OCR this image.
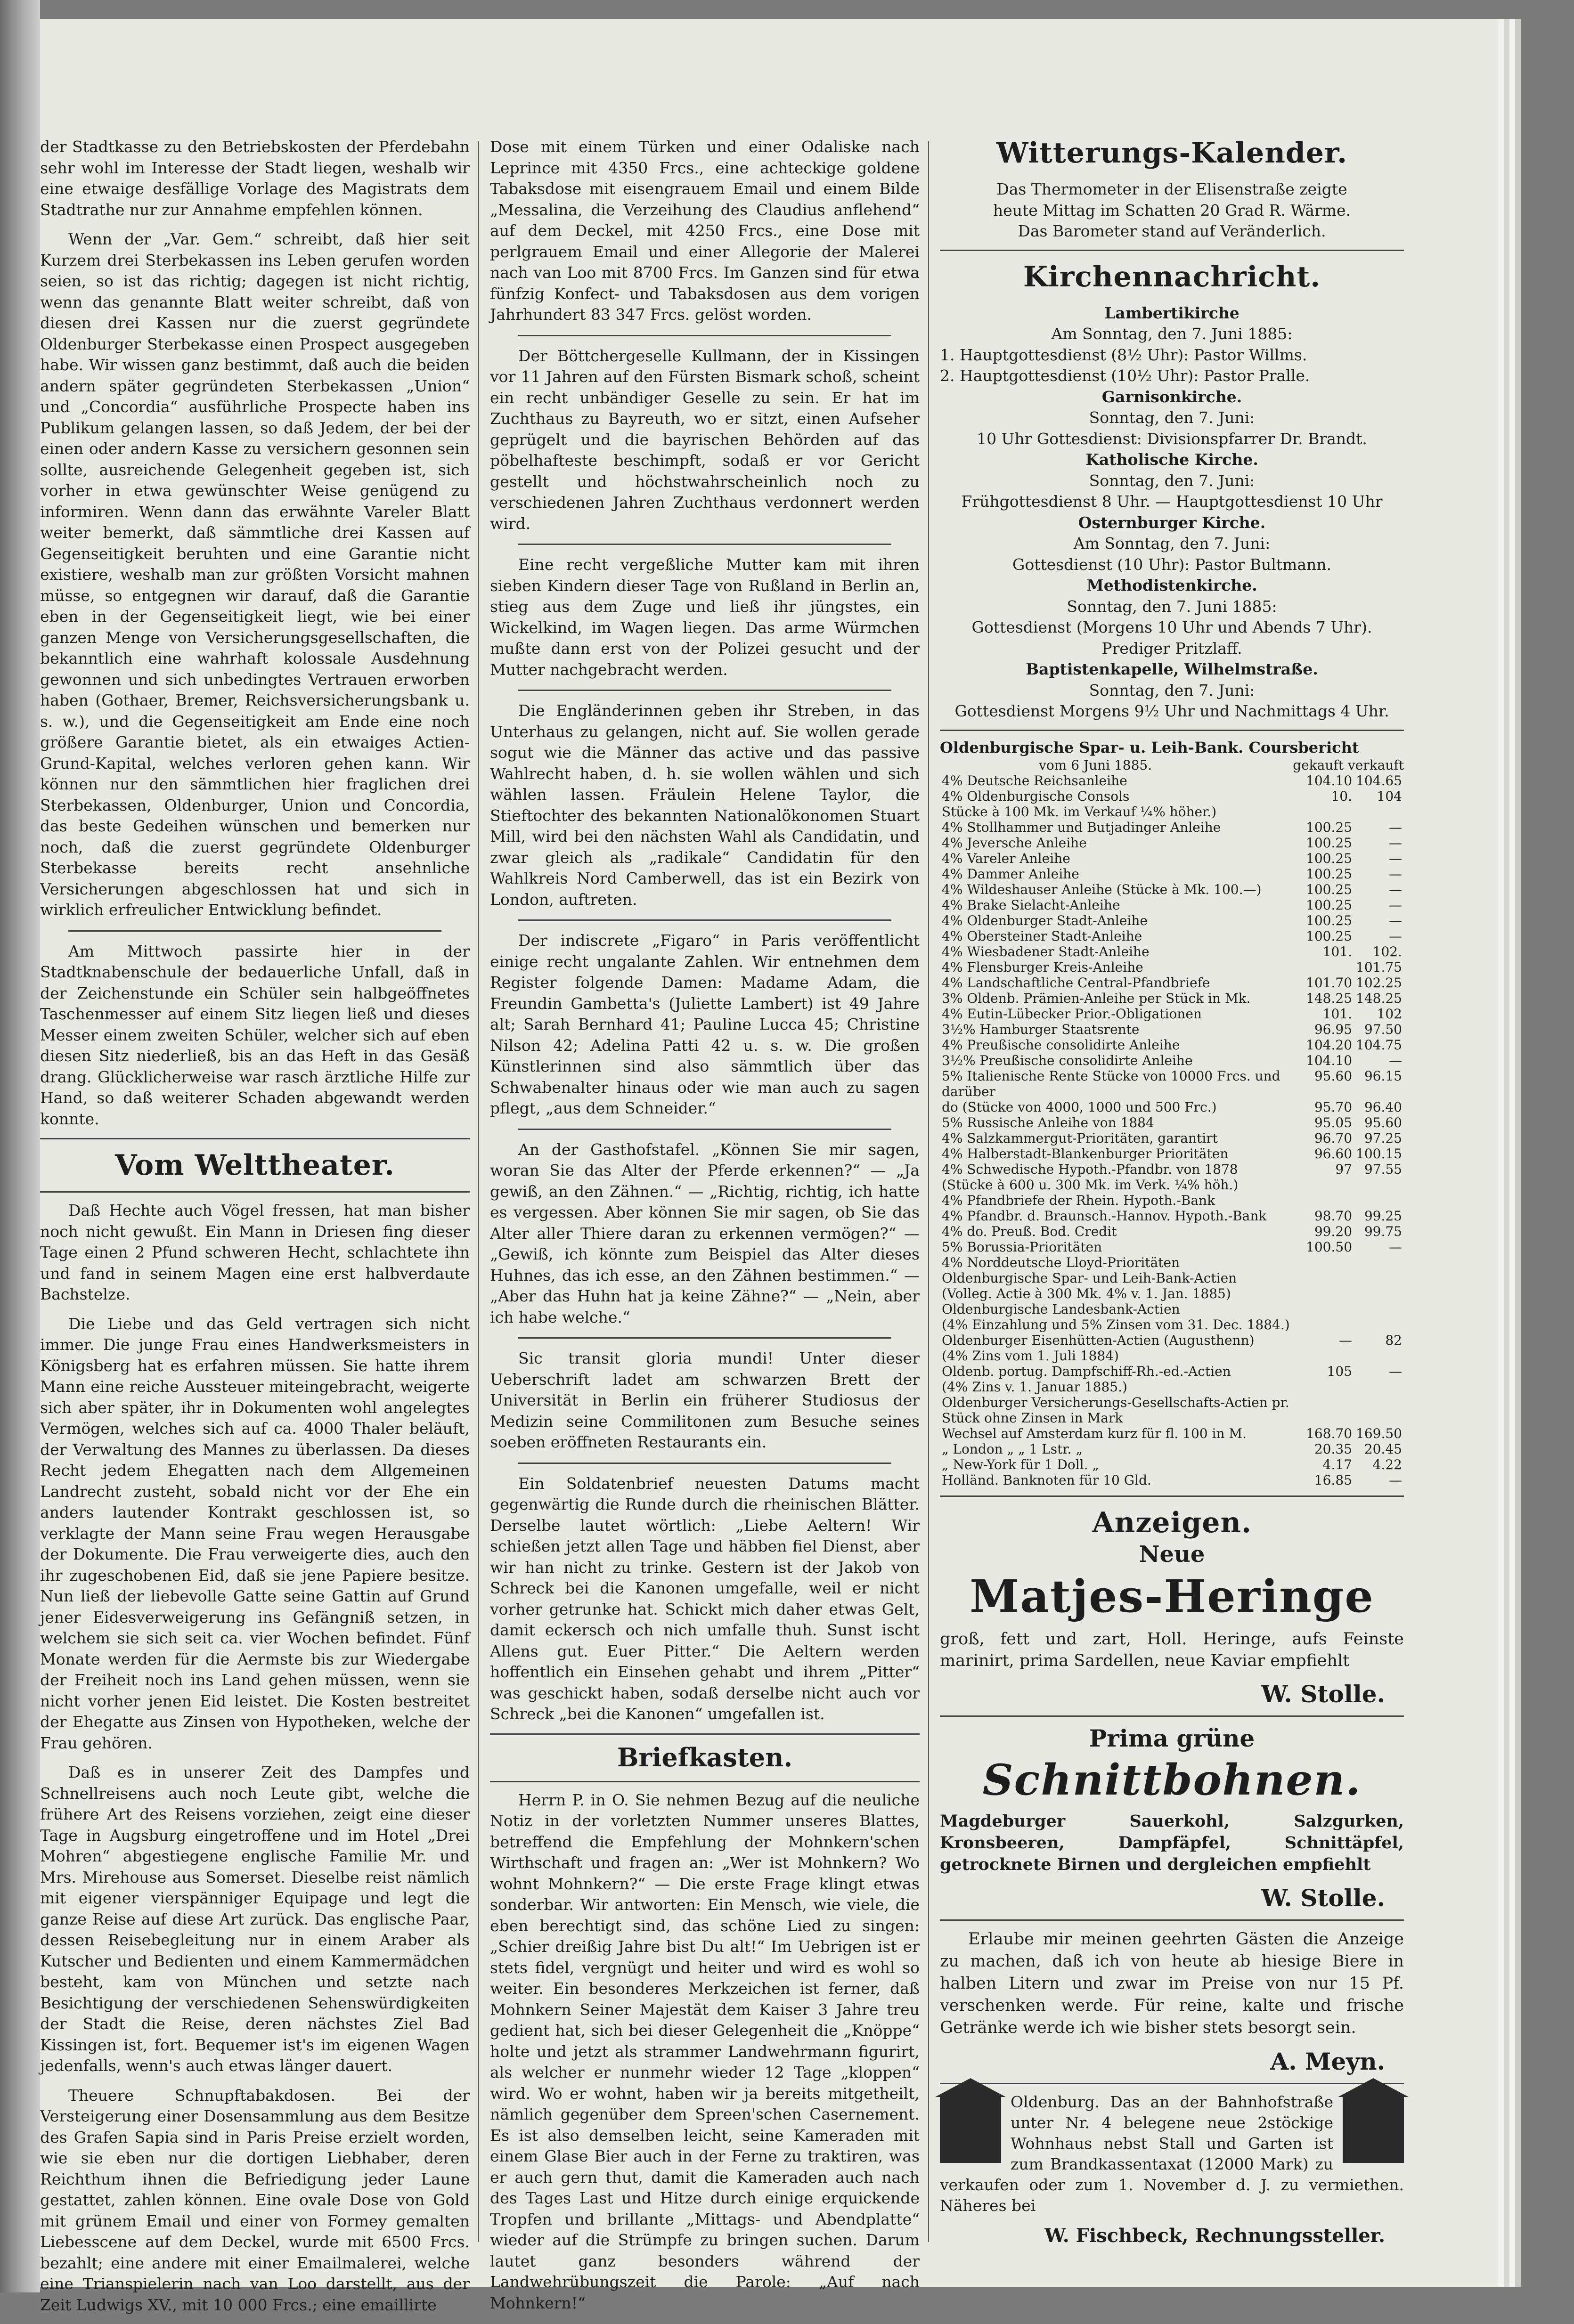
der Stadtkasse zu den Betriebskosten der Pferdebahn sehr wohl im Interesse der Stadt liegen, weshalb wir eine etwaige desfällige Vorlage des Magistrats dem Stadtrathe nur zur Annahme empfehlen können.

Wenn der „Var. Gem.“ schreibt, daß hier seit Kurzem drei Sterbekassen ins Leben gerufen worden seien, so ist das richtig; dagegen ist nicht richtig, wenn das genannte Blatt weiter schreibt, daß von diesen drei Kassen nur die zuerst gegründete Oldenburger Sterbekasse einen Prospect ausgegeben habe. Wir wissen ganz bestimmt, daß auch die beiden andern später gegründeten Sterbekassen „Union“ und „Concordia“ ausführliche Prospecte haben ins Publikum gelangen lassen, so daß Jedem, der bei der einen oder andern Kasse zu versichern gesonnen sein sollte, ausreichende Gelegenheit gegeben ist, sich vorher in etwa gewünschter Weise genügend zu informiren. Wenn dann das erwähnte Vareler Blatt weiter bemerkt, daß sämmtliche drei Kassen auf Gegenseitigkeit beruhten und eine Garantie nicht existiere, weshalb man zur größten Vorsicht mahnen müsse, so entgegnen wir darauf, daß die Garantie eben in der Gegenseitigkeit liegt, wie bei einer ganzen Menge von Versicherungsgesellschaften, die bekanntlich eine wahrhaft kolossale Ausdehnung gewonnen und sich unbedingtes Vertrauen erworben haben (Gothaer, Bremer, Reichsversicherungsbank u. s. w.), und die Gegenseitigkeit am Ende eine noch größere Garantie bietet, als ein etwaiges Actien-Grund-Kapital, welches verloren gehen kann. Wir können nur den sämmtlichen hier fraglichen drei Sterbekassen, Oldenburger, Union und Concordia, das beste Gedeihen wünschen und bemerken nur noch, daß die zuerst gegründete Oldenburger Sterbekasse bereits recht ansehnliche Versicherungen abgeschlossen hat und sich in wirklich erfreulicher Entwicklung befindet.

Am Mittwoch passirte hier in der Stadtknabenschule der bedauerliche Unfall, daß in der Zeichenstunde ein Schüler sein halbgeöffnetes Taschenmesser auf einem Sitz liegen ließ und dieses Messer einem zweiten Schüler, welcher sich auf eben diesen Sitz niederließ, bis an das Heft in das Gesäß drang. Glücklicherweise war rasch ärztliche Hilfe zur Hand, so daß weiterer Schaden abgewandt werden konnte.

Vom Welttheater.

Daß Hechte auch Vögel fressen, hat man bisher noch nicht gewußt. Ein Mann in Driesen fing dieser Tage einen 2 Pfund schweren Hecht, schlachtete ihn und fand in seinem Magen eine erst halbverdaute Bachstelze.

Die Liebe und das Geld vertragen sich nicht immer. Die junge Frau eines Handwerksmeisters in Königsberg hat es erfahren müssen. Sie hatte ihrem Mann eine reiche Aussteuer miteingebracht, weigerte sich aber später, ihr in Dokumenten wohl angelegtes Vermögen, welches sich auf ca. 4000 Thaler beläuft, der Verwaltung des Mannes zu überlassen. Da dieses Recht jedem Ehegatten nach dem Allgemeinen Landrecht zusteht, sobald nicht vor der Ehe ein anders lautender Kontrakt geschlossen ist, so verklagte der Mann seine Frau wegen Herausgabe der Dokumente. Die Frau verweigerte dies, auch den ihr zugeschobenen Eid, daß sie jene Papiere besitze. Nun ließ der liebevolle Gatte seine Gattin auf Grund jener Eidesverweigerung ins Gefängniß setzen, in welchem sie sich seit ca. vier Wochen befindet. Fünf Monate werden für die Aermste bis zur Wiedergabe der Freiheit noch ins Land gehen müssen, wenn sie nicht vorher jenen Eid leistet. Die Kosten bestreitet der Ehegatte aus Zinsen von Hypotheken, welche der Frau gehören.

Daß es in unserer Zeit des Dampfes und Schnellreisens auch noch Leute gibt, welche die frühere Art des Reisens vorziehen, zeigt eine dieser Tage in Augsburg eingetroffene und im Hotel „Drei Mohren“ abgestiegene englische Familie Mr. und Mrs. Mirehouse aus Somerset. Dieselbe reist nämlich mit eigener vierspänniger Equipage und legt die ganze Reise auf diese Art zurück. Das englische Paar, dessen Reisebegleitung nur in einem Araber als Kutscher und Bedienten und einem Kammermädchen besteht, kam von München und setzte nach Besichtigung der verschiedenen Sehenswürdigkeiten der Stadt die Reise, deren nächstes Ziel Bad Kissingen ist, fort. Bequemer ist's im eigenen Wagen jedenfalls, wenn's auch etwas länger dauert.

Theuere Schnupftabakdosen. Bei der Versteigerung einer Dosensammlung aus dem Besitze des Grafen Sapia sind in Paris Preise erzielt worden, wie sie eben nur die dortigen Liebhaber, deren Reichthum ihnen die Befriedigung jeder Laune gestattet, zahlen können. Eine ovale Dose von Gold mit grünem Email und einer von Formey gemalten Liebesscene auf dem Deckel, wurde mit 6500 Frcs. bezahlt; eine andere mit einer Emailmalerei, welche eine Trianspielerin nach van Loo darstellt, aus der Zeit Ludwigs XV., mit 10 000 Frcs.; eine emaillirte

Dose mit einem Türken und einer Odaliske nach Leprince mit 4350 Frcs., eine achteckige goldene Tabaksdose mit eisengrauem Email und einem Bilde „Messalina, die Verzeihung des Claudius anflehend“ auf dem Deckel, mit 4250 Frcs., eine Dose mit perlgrauem Email und einer Allegorie der Malerei nach van Loo mit 8700 Frcs. Im Ganzen sind für etwa fünfzig Konfect- und Tabaksdosen aus dem vorigen Jahrhundert 83 347 Frcs. gelöst worden.

Der Böttchergeselle Kullmann, der in Kissingen vor 11 Jahren auf den Fürsten Bismark schoß, scheint ein recht unbändiger Geselle zu sein. Er hat im Zuchthaus zu Bayreuth, wo er sitzt, einen Aufseher geprügelt und die bayrischen Behörden auf das pöbelhafteste beschimpft, sodaß er vor Gericht gestellt und höchstwahrscheinlich noch zu verschiedenen Jahren Zuchthaus verdonnert werden wird.

Eine recht vergeßliche Mutter kam mit ihren sieben Kindern dieser Tage von Rußland in Berlin an, stieg aus dem Zuge und ließ ihr jüngstes, ein Wickelkind, im Wagen liegen. Das arme Würmchen mußte dann erst von der Polizei gesucht und der Mutter nachgebracht werden.

Die Engländerinnen geben ihr Streben, in das Unterhaus zu gelangen, nicht auf. Sie wollen gerade sogut wie die Männer das active und das passive Wahlrecht haben, d. h. sie wollen wählen und sich wählen lassen. Fräulein Helene Taylor, die Stieftochter des bekannten Nationalökonomen Stuart Mill, wird bei den nächsten Wahl als Candidatin, und zwar gleich als „radikale“ Candidatin für den Wahlkreis Nord Camberwell, das ist ein Bezirk von London, auftreten.

Der indiscrete „Figaro“ in Paris veröffentlicht einige recht ungalante Zahlen. Wir entnehmen dem Register folgende Damen: Madame Adam, die Freundin Gambetta's (Juliette Lambert) ist 49 Jahre alt; Sarah Bernhard 41; Pauline Lucca 45; Christine Nilson 42; Adelina Patti 42 u. s. w. Die großen Künstlerinnen sind also sämmtlich über das Schwabenalter hinaus oder wie man auch zu sagen pflegt, „aus dem Schneider.“

An der Gasthofstafel. „Können Sie mir sagen, woran Sie das Alter der Pferde erkennen?“ — „Ja gewiß, an den Zähnen.“ — „Richtig, richtig, ich hatte es vergessen. Aber können Sie mir sagen, ob Sie das Alter aller Thiere daran zu erkennen vermögen?“ — „Gewiß, ich könnte zum Beispiel das Alter dieses Huhnes, das ich esse, an den Zähnen bestimmen.“ — „Aber das Huhn hat ja keine Zähne?“ — „Nein, aber ich habe welche.“

Sic transit gloria mundi! Unter dieser Ueberschrift ladet am schwarzen Brett der Universität in Berlin ein früherer Studiosus der Medizin seine Commilitonen zum Besuche seines soeben eröffneten Restaurants ein.

Ein Soldatenbrief neuesten Datums macht gegenwärtig die Runde durch die rheinischen Blätter. Derselbe lautet wörtlich: „Liebe Aeltern! Wir schießen jetzt allen Tage und häbben fiel Dienst, aber wir han nicht zu trinke. Gestern ist der Jakob von Schreck bei die Kanonen umgefalle, weil er nicht vorher getrunke hat. Schickt mich daher etwas Gelt, damit eckersch och nich umfalle thuh. Sunst ischt Allens gut. Euer Pitter.“ Die Aeltern werden hoffentlich ein Einsehen gehabt und ihrem „Pitter“ was geschickt haben, sodaß derselbe nicht auch vor Schreck „bei die Kanonen“ umgefallen ist.

Briefkasten.

Herrn P. in O. Sie nehmen Bezug auf die neuliche Notiz in der vorletzten Nummer unseres Blattes, betreffend die Empfehlung der Mohnkern'schen Wirthschaft und fragen an: „Wer ist Mohnkern? Wo wohnt Mohnkern?“ — Die erste Frage klingt etwas sonderbar. Wir antworten: Ein Mensch, wie viele, die eben berechtigt sind, das schöne Lied zu singen: „Schier dreißig Jahre bist Du alt!“ Im Uebrigen ist er stets fidel, vergnügt und heiter und wird es wohl so weiter. Ein besonderes Merkzeichen ist ferner, daß Mohnkern Seiner Majestät dem Kaiser 3 Jahre treu gedient hat, sich bei dieser Gelegenheit die „Knöppe“ holte und jetzt als strammer Landwehrmann figurirt, als welcher er nunmehr wieder 12 Tage „kloppen“ wird. Wo er wohnt, haben wir ja bereits mitgetheilt, nämlich gegenüber dem Spreen'schen Casernement. Es ist also demselben leicht, seine Kameraden mit einem Glase Bier auch in der Ferne zu traktiren, was er auch gern thut, damit die Kameraden auch nach des Tages Last und Hitze durch einige erquickende Tropfen und brillante „Mittags- und Abendplatte“ wieder auf die Strümpfe zu bringen suchen. Darum lautet ganz besonders während der Landwehrübungszeit die Parole: „Auf nach Mohnkern!“

Witterungs-Kalender.

Das Thermometer in der Elisenstraße zeigte

heute Mittag im Schatten 20 Grad R. Wärme.

Das Barometer stand auf Veränderlich.

Kirchennachricht.

Lambertikirche

Am Sonntag, den 7. Juni 1885:

1. Hauptgottesdienst (8½ Uhr): Pastor Willms.

2. Hauptgottesdienst (10½ Uhr): Pastor Pralle.

Garnisonkirche.

Sonntag, den 7. Juni:

10 Uhr Gottesdienst: Divisionspfarrer Dr. Brandt.

Katholische Kirche.

Sonntag, den 7. Juni:

Frühgottesdienst 8 Uhr. — Hauptgottesdienst 10 Uhr

Osternburger Kirche.

Am Sonntag, den 7. Juni:

Gottesdienst (10 Uhr): Pastor Bultmann.

Methodistenkirche.

Sonntag, den 7. Juni 1885:

Gottesdienst (Morgens 10 Uhr und Abends 7 Uhr).

Prediger Pritzlaff.

Baptistenkapelle, Wilhelmstraße.

Sonntag, den 7. Juni:

Gottesdienst Morgens 9½ Uhr und Nachmittags 4 Uhr.

Oldenburgische Spar- u. Leih-Bank. Coursbericht
vom 6 Juni 1885.	gekauft verkauft
4% Deutsche Reichsanleihe	104.10	104.65
4% Oldenburgische Consols	10.	104
Stücke à 100 Mk. im Verkauf ¼% höher.)		
4% Stollhammer und Butjadinger Anleihe	100.25	—
4% Jeversche Anleihe	100.25	—
4% Vareler Anleihe	100.25	—
4% Dammer Anleihe	100.25	—
4% Wildeshauser Anleihe (Stücke à Mk. 100.—)	100.25	—
4% Brake Sielacht-Anleihe	100.25	—
4% Oldenburger Stadt-Anleihe	100.25	—
4% Obersteiner Stadt-Anleihe	100.25	—
4% Wiesbadener Stadt-Anleihe	101.	102.
4% Flensburger Kreis-Anleihe		101.75
4% Landschaftliche Central-Pfandbriefe	101.70	102.25
3% Oldenb. Prämien-Anleihe per Stück in Mk.	148.25	148.25
4% Eutin-Lübecker Prior.-Obligationen	101.	102
3½% Hamburger Staatsrente	96.95	97.50
4% Preußische consolidirte Anleihe	104.20	104.75
3½% Preußische consolidirte Anleihe	104.10	—
5% Italienische Rente Stücke von 10000 Frcs. und darüber	95.60	96.15
do (Stücke von 4000, 1000 und 500 Frc.)	95.70	96.40
5% Russische Anleihe von 1884	95.05	95.60
4% Salzkammergut-Prioritäten, garantirt	96.70	97.25
4% Halberstadt-Blankenburger Prioritäten	96.60	100.15
4% Schwedische Hypoth.-Pfandbr. von 1878	97	97.55
(Stücke à 600 u. 300 Mk. im Verk. ¼% höh.)		
4% Pfandbriefe der Rhein. Hypoth.-Bank		
4% Pfandbr. d. Braunsch.-Hannov. Hypoth.-Bank	98.70	99.25
4% do. Preuß. Bod. Credit	99.20	99.75
5% Borussia-Prioritäten	100.50	—
4% Norddeutsche Lloyd-Prioritäten		
Oldenburgische Spar- und Leih-Bank-Actien		
(Volleg. Actie à 300 Mk. 4% v. 1. Jan. 1885)		
Oldenburgische Landesbank-Actien		
(4% Einzahlung und 5% Zinsen vom 31. Dec. 1884.)		
Oldenburger Eisenhütten-Actien (Augusthenn)	—	82
(4% Zins vom 1. Juli 1884)		
Oldenb. portug. Dampfschiff-Rh.-ed.-Actien	105	—
(4% Zins v. 1. Januar 1885.)		
Oldenburger Versicherungs-Gesellschafts-Actien pr. Stück ohne Zinsen in Mark		
Wechsel auf Amsterdam kurz für fl. 100 in M.	168.70	169.50
„ London „ „ 1 Lstr. „	20.35	20.45
„ New-York für 1 Doll. „	4.17	4.22
Holländ. Banknoten für 10 Gld.	16.85	—
Anzeigen.
Neue
Matjes-Heringe

groß, fett und zart, Holl. Heringe, aufs Feinste marinirt, prima Sardellen, neue Kaviar empfiehlt

W. Stolle.
Prima grüne
Schnittbohnen.

Magdeburger Sauerkohl, Salzgurken, Kronsbeeren, Dampfäpfel, Schnittäpfel, getrocknete Birnen und dergleichen empfiehlt

W. Stolle.

Erlaube mir meinen geehrten Gästen die Anzeige zu machen, daß ich von heute ab hiesige Biere in halben Litern und zwar im Preise von nur 15 Pf. verschenken werde. Für reine, kalte und frische Getränke werde ich wie bisher stets besorgt sein.

A. Meyn.

Oldenburg. Das an der Bahnhofstraße unter Nr. 4 belegene neue 2stöckige Wohnhaus nebst Stall und Garten ist zum Brandkassentaxat (12000 Mark) zu verkaufen oder zum 1. November d. J. zu vermiethen. Näheres bei

W. Fischbeck, Rechnungssteller.
